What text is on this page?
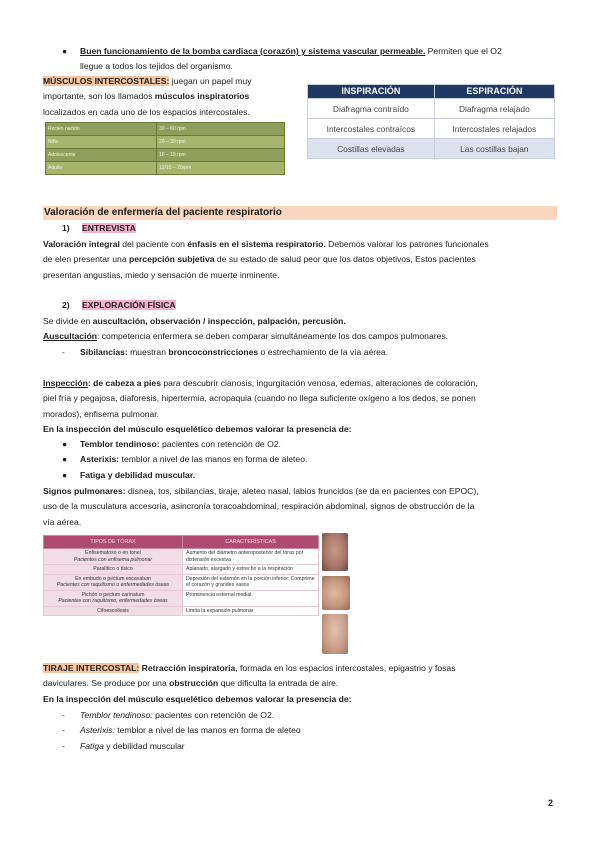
●	Buen funcionamiento de la bomba cardiaca (corazón) y sistema vascular permeable. Permiten que el O2
llegue a todos los tejidos del organismo.
MÚSCULOS INTERCOSTALES: juegan un papel muy
importante, son los llamados músculos inspiratorios
localizados en cada uno de los espacios intercostales.
Recién nacido	30 – 60 rpm
Niño	20 – 30 rpm
Adolescente	16 – 19 rpm
Adulto	12/15 – 20rpm
INSPIRACIÓN	ESPIRACIÓN
Diafragma contraído	Diafragma relajado
Intercostales contraícos	Intercostales relajados
Costillas elevadas	Las costillas bajan
Valoración de enfermería del paciente respiratorio
1) ENTREVISTA
Valoración integral del paciente con énfasis en el sistema respiratorio. Debemos valorar los patrones funcionales
de elen presentar una percepción subjetiva de su estado de salud peor que los datos objetivos, Estos pacientes
presentan angustias, miedo y sensación de muerte inminente.
2) EXPLORACIÓN FÍSICA
Se divide en auscultación, observación / inspección, palpación, percusión.
Auscultación: competencia enfermera se deben comparar simultáneamente los dos campos pulmonares.
-	Sibilancias: muestran broncoconstricciones o estrechamiento de la vía aérea.
Inspección: de cabeza a pies para descubrir cianosis, ingurgitación venosa, edemas, alteraciones de coloración,
piel fría y pegajosa, diaforesis, hipertermia, acropaquia (cuando no llega suficiente oxígeno a los dedos, se ponen
morados), enfisema pulmonar.
En la inspección del músculo esquelético debemos valorar la presencia de:
● Temblor tendinoso: pacientes con retención de O2.
● Asterixis: temblor a nivel de las manos en forma de aleteo.
● Fatiga y debilidad muscular.
Signos pulmonares: disnea, tos, sibilancias, tiraje, aleteo nasal, labios fruncidos (se da en pacientes con EPOC),
uso de la musculatura accesoria, asincronía toracoabdominal, respiración abdominal, signos de obstrucción de la
vía aérea.
TIPOS DE TÓRAX	CARACTERÍSTICAS
Enfisematoso o en tonel
Pacientes con enfisema pulmonar	Aumento del diámetro anteroposterior del tórax por distensión excesiva
Paralítico o tísico	Aplanado, alargado y estrecho a la respiración
En embudo o pectum excavatum
Pacientes con raquitismo o enfermedades óseas	Depresión del esternón en la porción inferior. Comprime el corazón y grandes vasos
Pichón o pectum carinatum
Pacientes con raquitismo, enfermedades óseas	Prominencia esternal medial
Cifoescoliosis	Limita la expansión pulmonar.
TIRAJE INTERCOSTAL: Retracción inspiratoria, formada en los espacios intercostales, epigastrio y fosas
daviculares. Se produce por una obstrucción que dificulta la entrada de aire.
En la inspección del músculo esquelético debemos valorar la presencia de:
- Temblor tendinoso: pacientes con retención de O2.
- Asterixis: temblor a nivel de las manos en forma de aleteo
- Fatiga y debilidad muscular
2
